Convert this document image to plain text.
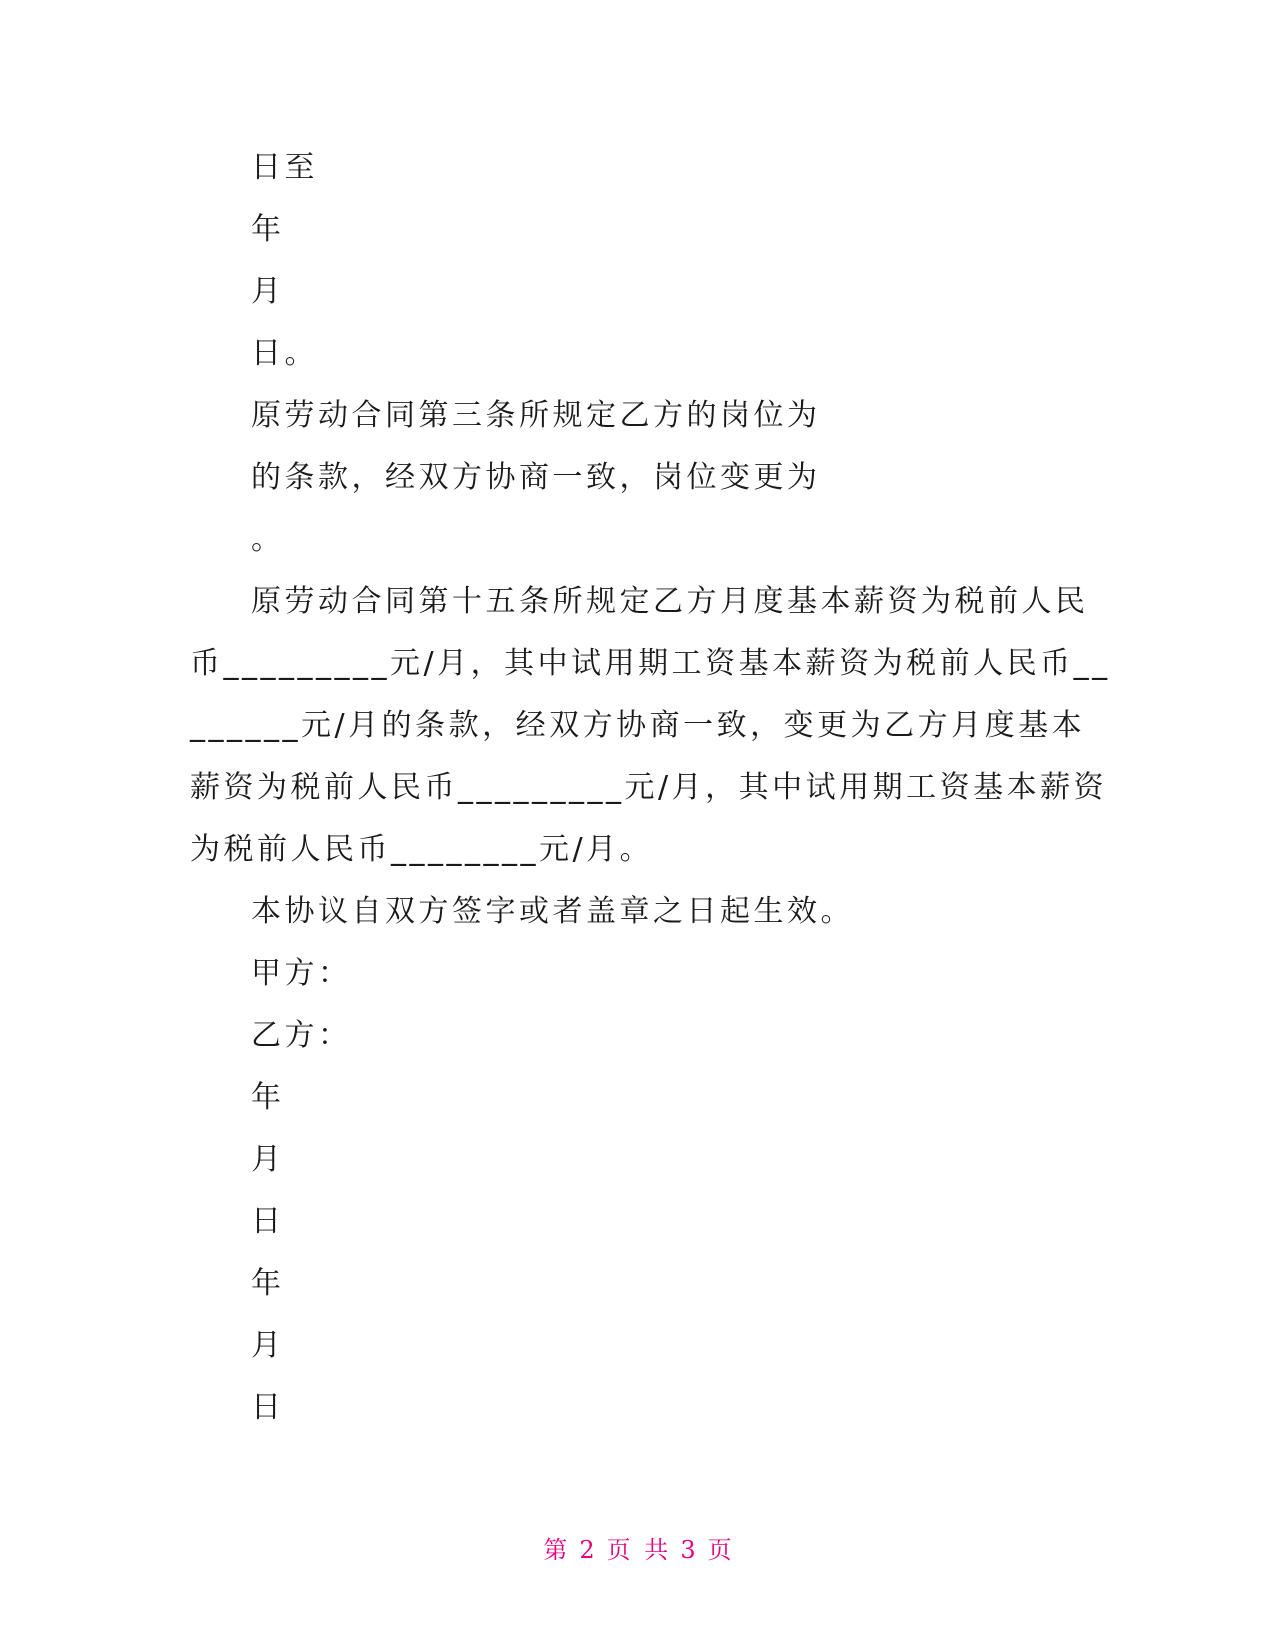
日至
年
月
日。
原劳动合同第三条所规定乙方的岗位为
的条款，经双方协商一致，岗位变更为
。
原劳动合同第十五条所规定乙方月度基本薪资为税前人民
币_________元/月，其中试用期工资基本薪资为税前人民币__
______元/月的条款，经双方协商一致，变更为乙方月度基本
薪资为税前人民币_________元/月，其中试用期工资基本薪资
为税前人民币________元/月。
本协议自双方签字或者盖章之日起生效。
甲方：
乙方：
年
月
日
年
月
日
第 2 页 共 3 页
